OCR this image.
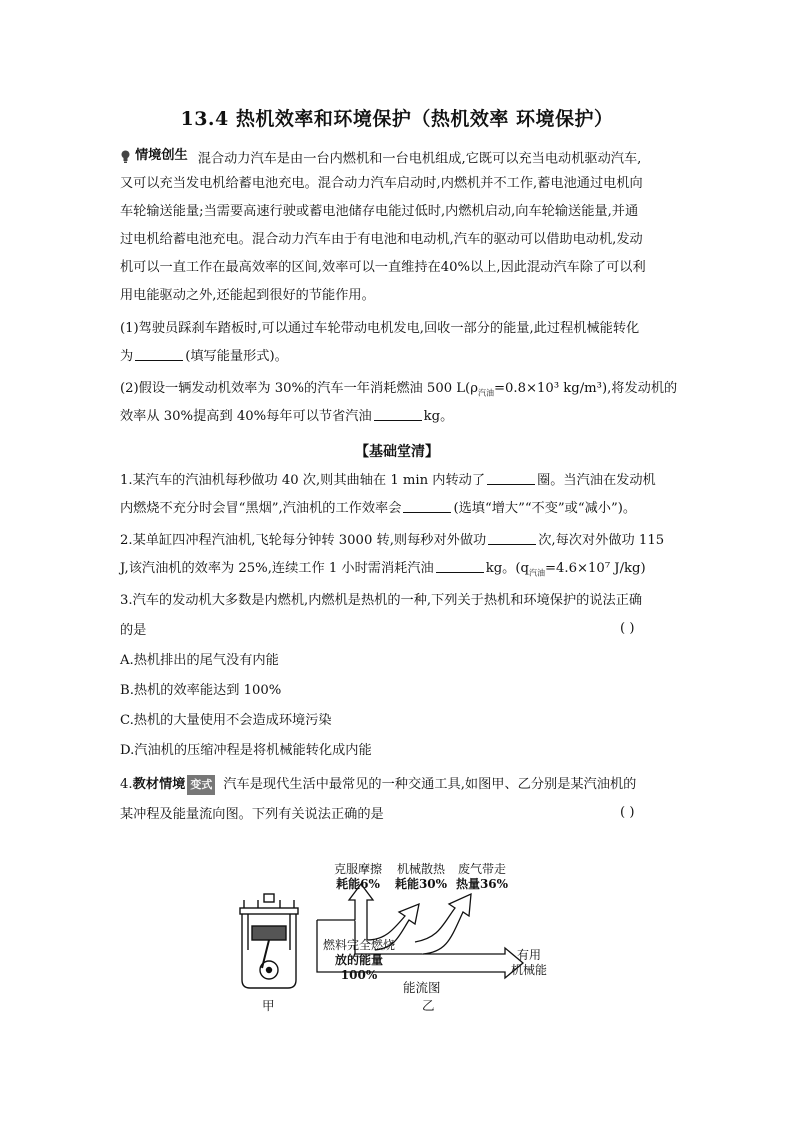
13.4 热机效率和环境保护（热机效率 环境保护）
情境创生 混合动力汽车是由一台内燃机和一台电机组成,它既可以充当电动机驱动汽车,
又可以充当发电机给蓄电池充电。混合动力汽车启动时,内燃机并不工作,蓄电池通过电机向
车轮输送能量;当需要高速行驶或蓄电池储存电能过低时,内燃机启动,向车轮输送能量,并通
过电机给蓄电池充电。混合动力汽车由于有电池和电动机,汽车的驱动可以借助电动机,发动
机可以一直工作在最高效率的区间,效率可以一直维持在40%以上,因此混动汽车除了可以利
用电能驱动之外,还能起到很好的节能作用。
(1)驾驶员踩刹车踏板时,可以通过车轮带动电机发电,回收一部分的能量,此过程机械能转化
为	(填写能量形式)。
(2)假设一辆发动机效率为 30%的汽车一年消耗燃油 500 $L(\rho_{汽油}=0.8\times 10^3$ kg/m³),将发动机的
效率从 30%提高到 40%每年可以节省汽油	kg。
【基础堂清】
1.某汽车的汽油机每秒做功 40 次,则其曲轴在 1 min 内转动了	圈。当汽油在发动机
内燃烧不充分时会冒“黑烟”,汽油机的工作效率会	(选填“增大”“不变”或“减小”)。
2.某单缸四冲程汽油机,飞轮每分钟转 3000 转,则每秒对外做功	次,每次对外做功 115
J,该汽油机的效率为 25%,连续工作 1 小时需消耗汽油	kg。($q_{汽油}=4.6\times 10^7$ J/kg)
3.汽车的发动机大多数是内燃机,内燃机是热机的一种,下列关于热机和环境保护的说法正确
的是	( )
A.热机排出的尾气没有内能
B.热机的效率能达到 100%
C.热机的大量使用不会造成环境污染
D.汽油机的压缩冲程是将机械能转化成内能
4.教材情境 变式 汽车是现代生活中最常见的一种交通工具,如图甲、乙分别是某汽油机的
某冲程及能量流向图。下列有关说法正确的是	( )
甲
克服摩擦
耗能6%
机械散热
耗能30%
废气带走
热量36%
燃料完全燃烧
放的能量100%
有用
机械能
能流图
乙
